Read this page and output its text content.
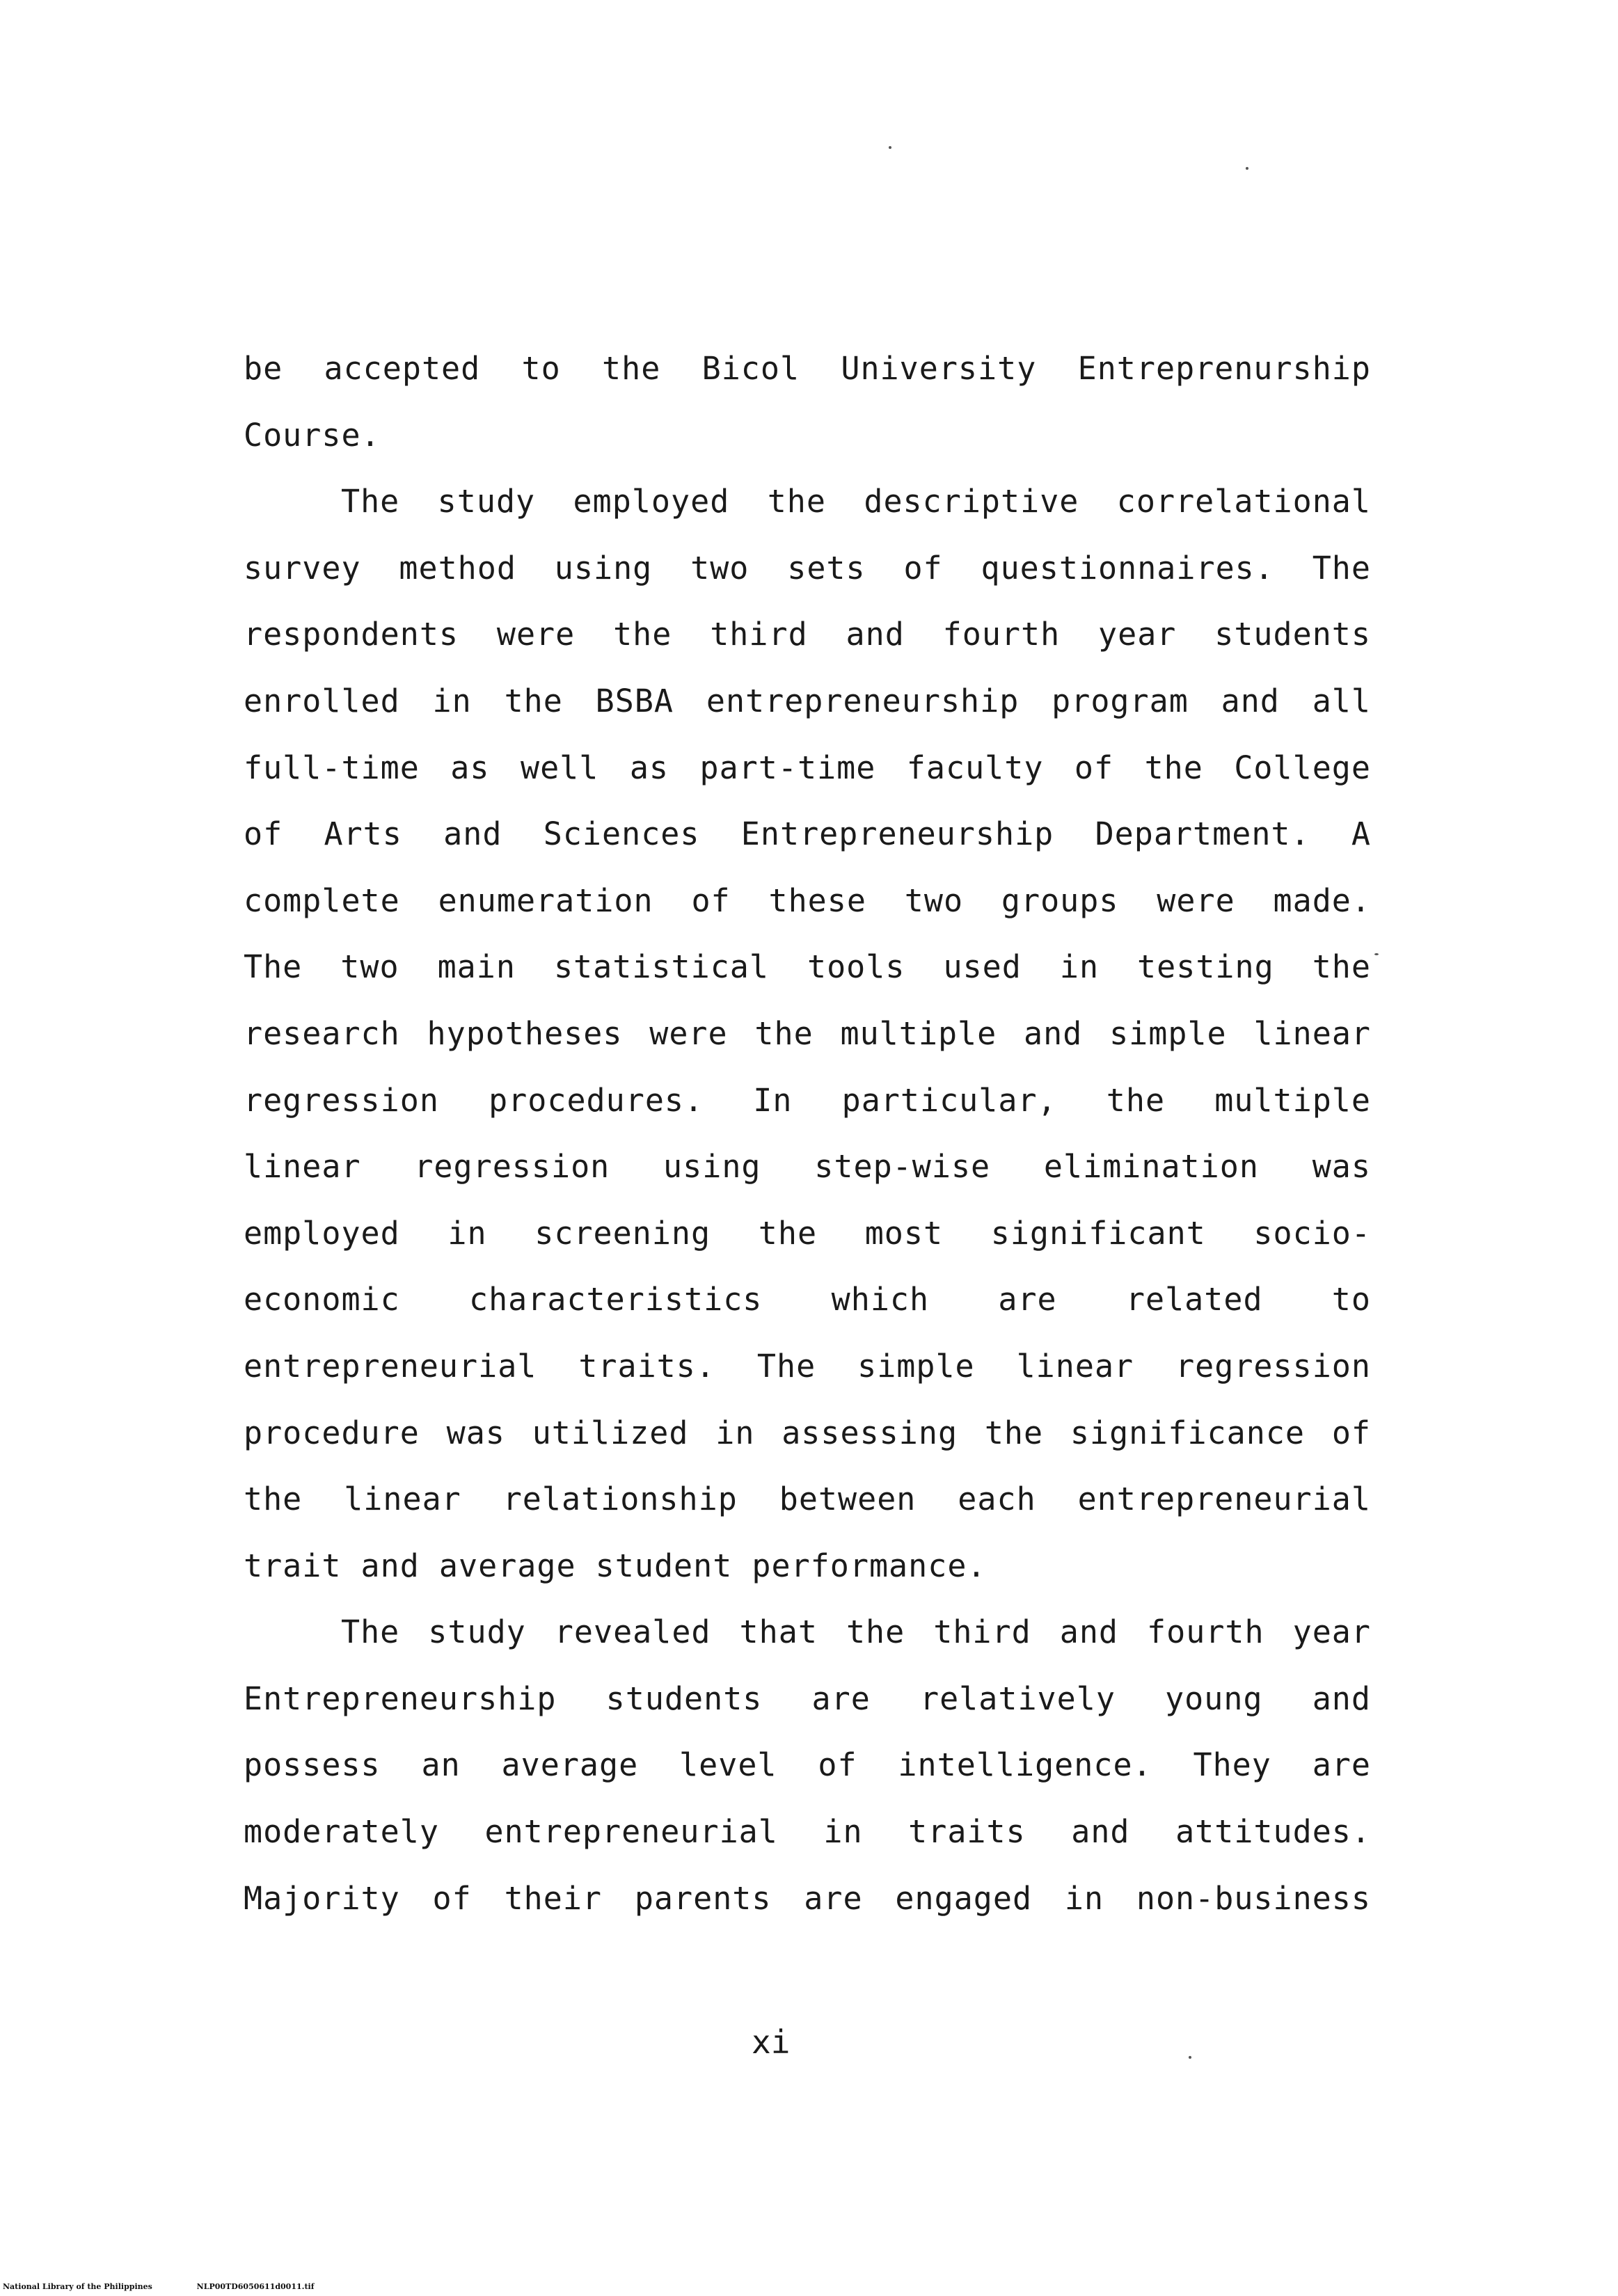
be accepted to the Bicol University Entreprenurship
Course.
The study employed the descriptive correlational
survey method using two sets of questionnaires. The
respondents were the third and fourth year students
enrolled in the BSBA entrepreneurship program and all
full-time as well as part-time faculty of the College
of Arts and Sciences Entrepreneurship Department. A
complete enumeration of these two groups were made.
The two main statistical tools used in testing the
research hypotheses were the multiple and simple linear
regression procedures. In particular, the multiple
linear regression using step-wise elimination was
employed in screening the most significant socio-
economic characteristics which are related to
entrepreneurial traits. The simple linear regression
procedure was utilized in assessing the significance of
the linear relationship between each entrepreneurial
trait and average student performance.
The study revealed that the third and fourth year
Entrepreneurship students are relatively young and
possess an average level of intelligence. They are
moderately entrepreneurial in traits and attitudes.
Majority of their parents are engaged in non-business
xi
National Library of the Philippines	NLP00TD6050611d0011.tif
